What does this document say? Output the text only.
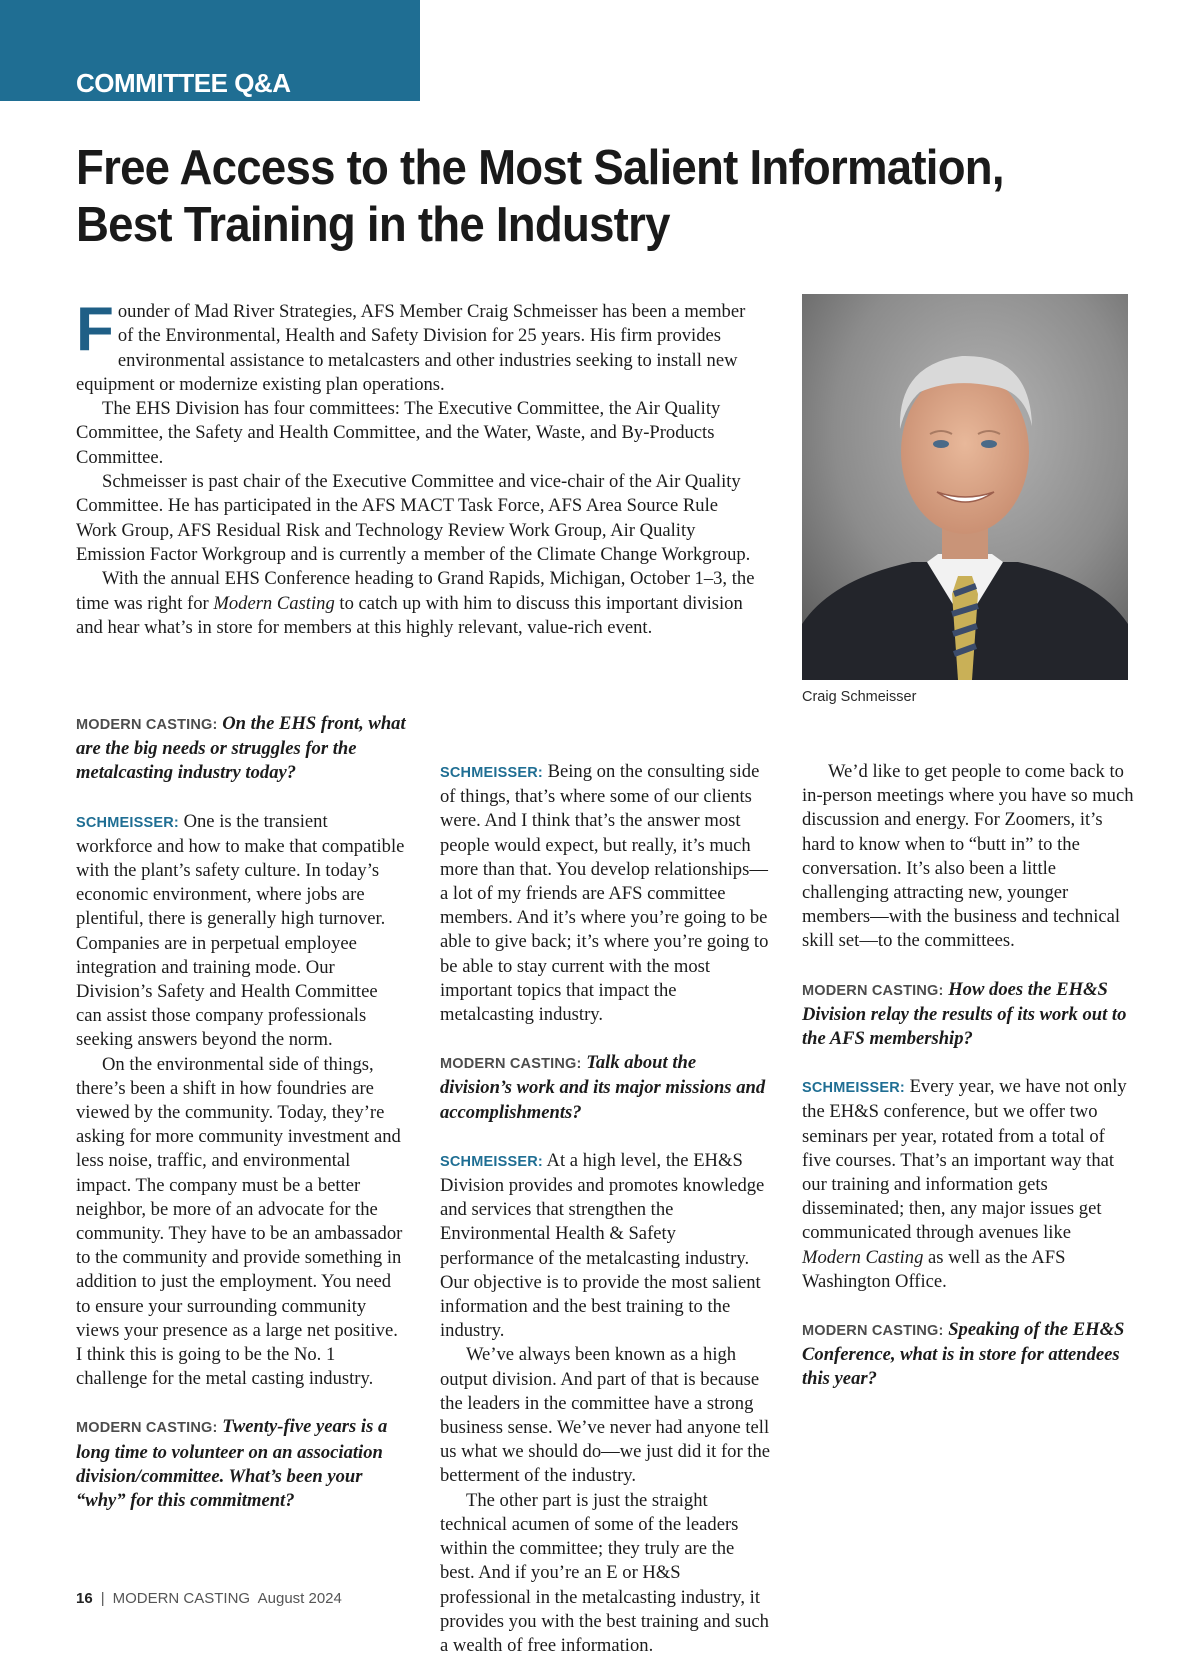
COMMITTEE Q&A
Free Access to the Most Salient Information, Best Training in the Industry

Founder of Mad River Strategies, AFS Member Craig Schmeisser has been a member of the Environmental, Health and Safety Division for 25 years. His firm provides environmental assistance to metalcasters and other industries seeking to install new equipment or modernize existing plan operations.

The EHS Division has four committees: The Executive Committee, the Air Quality Committee, the Safety and Health Committee, and the Water, Waste, and By-Products Committee.

Schmeisser is past chair of the Executive Committee and vice-chair of the Air Quality Committee. He has participated in the AFS MACT Task Force, AFS Area Source Rule Work Group, AFS Residual Risk and Technology Review Work Group, Air Quality Emission Factor Workgroup and is currently a member of the Climate Change Workgroup.

With the annual EHS Conference heading to Grand Rapids, Michigan, October 1–3, the time was right for Modern Casting to catch up with him to discuss this important division and hear what’s in store for members at this highly relevant, value-rich event.

Craig Schmeisser

MODERN CASTING: On the EHS front, what are the big needs or struggles for the metalcasting industry today?

SCHMEISSER: One is the transient workforce and how to make that compatible with the plant’s safety culture. In today’s economic environment, where jobs are plentiful, there is generally high turnover. Companies are in perpetual employee integration and training mode. Our Division’s Safety and Health Committee can assist those company professionals seeking answers beyond the norm.

On the environmental side of things, there’s been a shift in how foundries are viewed by the community. Today, they’re asking for more community investment and less noise, traffic, and environmental impact. The company must be a better neighbor, be more of an advocate for the community. They have to be an ambassador to the community and provide something in addition to just the employment. You need to ensure your surrounding community views your presence as a large net positive. I think this is going to be the No. 1 challenge for the metal casting industry.

MODERN CASTING: Twenty-five years is a long time to volunteer on an association division/committee. What’s been your “why” for this commitment?

SCHMEISSER: Being on the consulting side of things, that’s where some of our clients were. And I think that’s the answer most people would expect, but really, it’s much more than that. You develop relationships—a lot of my friends are AFS committee members. And it’s where you’re going to be able to give back; it’s where you’re going to be able to stay current with the most important topics that impact the metalcasting industry.

MODERN CASTING: Talk about the division’s work and its major missions and accomplishments?

SCHMEISSER: At a high level, the EH&S Division provides and promotes knowledge and services that strengthen the Environmental Health & Safety performance of the metalcasting industry. Our objective is to provide the most salient information and the best training to the industry.

We’ve always been known as a high output division. And part of that is because the leaders in the committee have a strong business sense. We’ve never had anyone tell us what we should do—we just did it for the betterment of the industry.

The other part is just the straight technical acumen of some of the leaders within the committee; they truly are the best. And if you’re an E or H&S professional in the metalcasting industry, it provides you with the best training and such a wealth of free information.

We’d like to get people to come back to in-person meetings where you have so much discussion and energy. For Zoomers, it’s hard to know when to “butt in” to the conversation. It’s also been a little challenging attracting new, younger members—with the business and technical skill set––to the committees.

MODERN CASTING: How does the EH&S Division relay the results of its work out to the AFS membership?

SCHMEISSER: Every year, we have not only the EH&S conference, but we offer two seminars per year, rotated from a total of five courses. That’s an important way that our training and information gets disseminated; then, any major issues get communicated through avenues like Modern Casting as well as the AFS Washington Office.

MODERN CASTING: Speaking of the EH&S Conference, what is in store for attendees this year?

16 | MODERN CASTING August 2024
